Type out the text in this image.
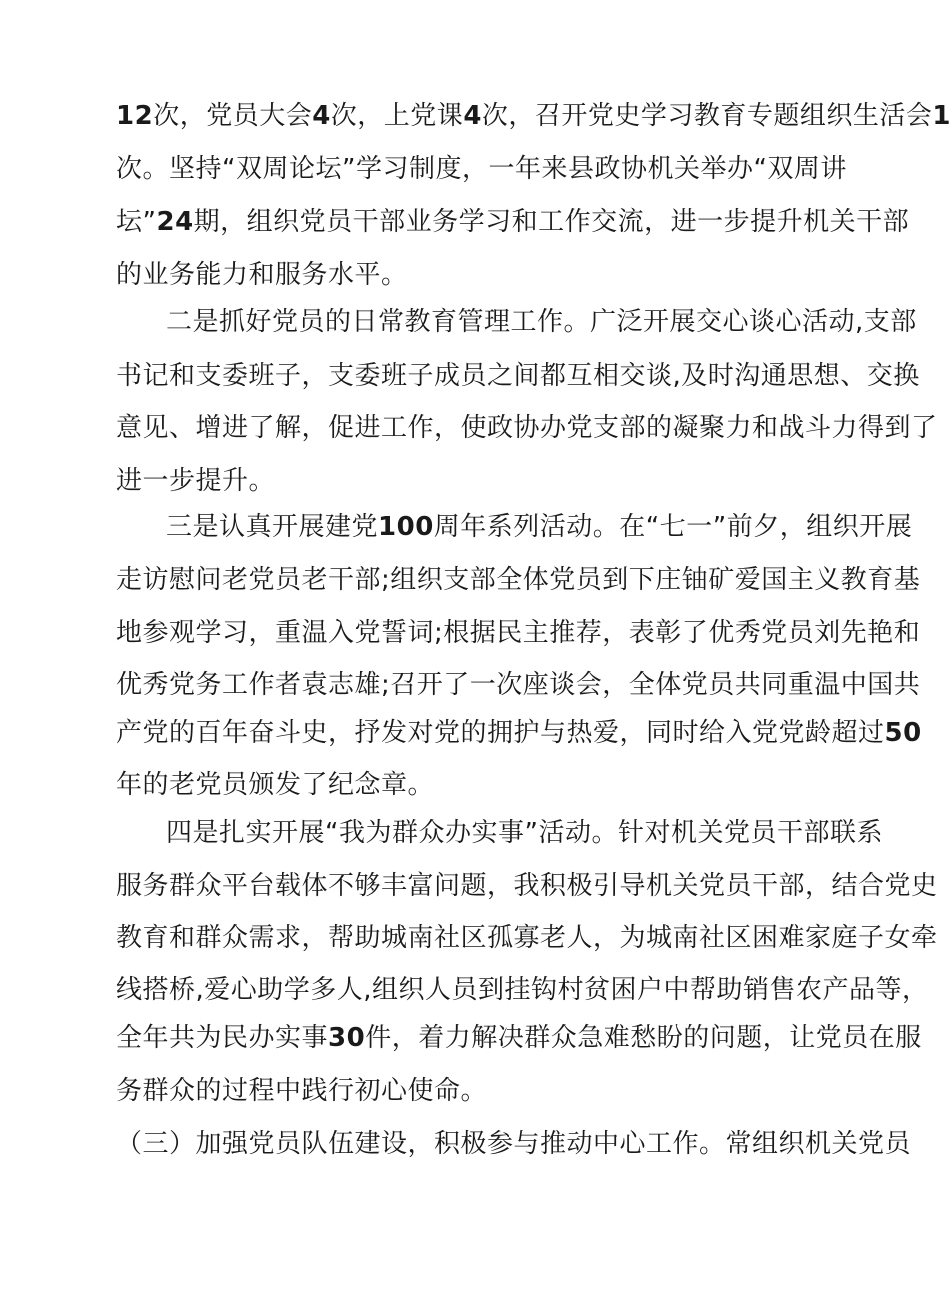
12次，党员大会4次，上党课4次，召开党史学习教育专题组织生活会1
次。坚持“双周论坛”学习制度，一年来县政协机关举办“双周讲
坛”24期，组织党员干部业务学习和工作交流，进一步提升机关干部
的业务能力和服务水平。
二是抓好党员的日常教育管理工作。广泛开展交心谈心活动,支部
书记和支委班子，支委班子成员之间都互相交谈,及时沟通思想、交换
意见、增进了解，促进工作，使政协办党支部的凝聚力和战斗力得到了
进一步提升。
三是认真开展建党100周年系列活动。在“七一”前夕，组织开展
走访慰问老党员老干部;组织支部全体党员到下庄铀矿爱国主义教育基
地参观学习，重温入党誓词;根据民主推荐，表彰了优秀党员刘先艳和
优秀党务工作者袁志雄;召开了一次座谈会，全体党员共同重温中国共
产党的百年奋斗史，抒发对党的拥护与热爱，同时给入党党龄超过50
年的老党员颁发了纪念章。
四是扎实开展“我为群众办实事”活动。针对机关党员干部联系
服务群众平台载体不够丰富问题，我积极引导机关党员干部，结合党史
教育和群众需求，帮助城南社区孤寡老人，为城南社区困难家庭子女牵
线搭桥,爱心助学多人,组织人员到挂钩村贫困户中帮助销售农产品等，
全年共为民办实事30件，着力解决群众急难愁盼的问题，让党员在服
务群众的过程中践行初心使命。
（三）加强党员队伍建设，积极参与推动中心工作。常组织机关党员
